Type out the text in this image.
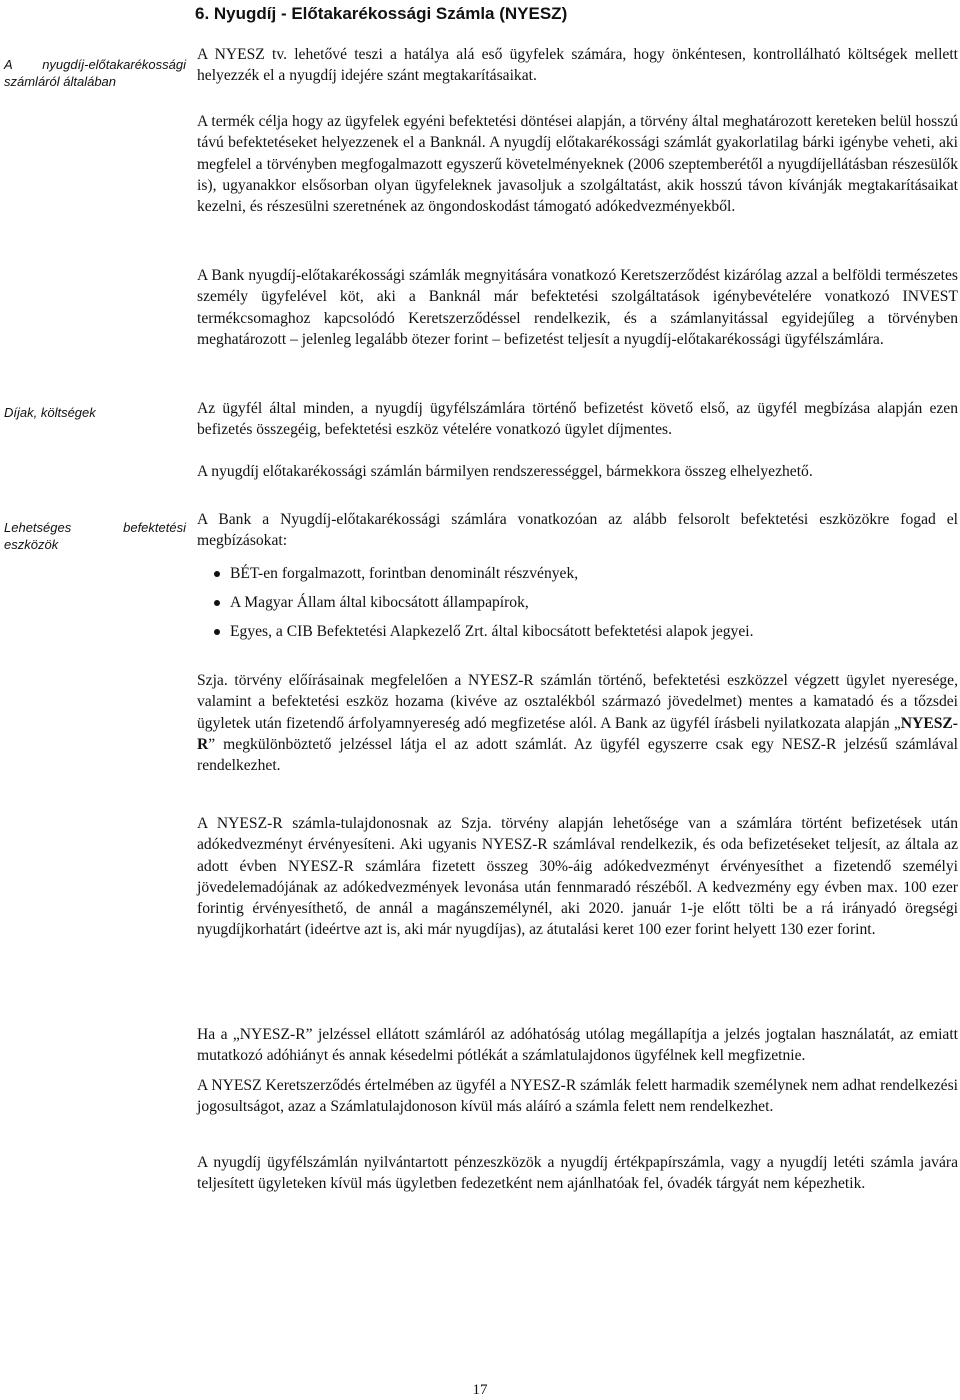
6. Nyugdíj - Előtakarékossági Számla (NYESZ)
A nyugdíj-előtakarékossági
számláról általában
Díjak, költségek
Lehetséges befektetési
eszközök

A NYESZ tv. lehetővé teszi a hatálya alá eső ügyfelek számára, hogy önkéntesen, kontrollálható költségek mellett helyezzék el a nyugdíj idejére szánt megtakarításaikat.

A termék célja hogy az ügyfelek egyéni befektetési döntései alapján, a törvény által meghatározott kereteken belül hosszú távú befektetéseket helyezzenek el a Banknál. A nyugdíj előtakarékossági számlát gyakorlatilag bárki igénybe veheti, aki megfelel a törvényben megfogalmazott egyszerű követelményeknek (2006 szeptemberétől a nyugdíjellátásban részesülők is), ugyanakkor elsősorban olyan ügyfeleknek javasoljuk a szolgáltatást, akik hosszú távon kívánják megtakarításaikat kezelni, és részesülni szeretnének az öngondoskodást támogató adókedvezményekből.

A Bank nyugdíj-előtakarékossági számlák megnyitására vonatkozó Keretszerződést kizárólag azzal a belföldi természetes személy ügyfelével köt, aki a Banknál már befektetési szolgáltatások igénybevételére vonatkozó INVEST termékcsomaghoz kapcsolódó Keretszerződéssel rendelkezik, és a számlanyitással egyidejűleg a törvényben meghatározott – jelenleg legalább ötezer forint – befizetést teljesít a nyugdíj-előtakarékossági ügyfélszámlára.

Az ügyfél által minden, a nyugdíj ügyfélszámlára történő befizetést követő első, az ügyfél megbízása alapján ezen befizetés összegéig, befektetési eszköz vételére vonatkozó ügylet díjmentes.

A nyugdíj előtakarékossági számlán bármilyen rendszerességgel, bármekkora összeg elhelyezhető.

A Bank a Nyugdíj-előtakarékossági számlára vonatkozóan az alább felsorolt befektetési eszközökre fogad el megbízásokat:

BÉT-en forgalmazott, forintban denominált részvények,
A Magyar Állam által kibocsátott állampapírok,
Egyes, a CIB Befektetési Alapkezelő Zrt. által kibocsátott befektetési alapok jegyei.

Szja. törvény előírásainak megfelelően a NYESZ-R számlán történő, befektetési eszközzel végzett ügylet nyeresége, valamint a befektetési eszköz hozama (kivéve az osztalékból származó jövedelmet) mentes a kamatadó és a tőzsdei ügyletek után fizetendő árfolyamnyereség adó megfizetése alól. A Bank az ügyfél írásbeli nyilatkozata alapján „NYESZ-R” megkülönböztető jelzéssel látja el az adott számlát. Az ügyfél egyszerre csak egy NESZ-R jelzésű számlával rendelkezhet.

A NYESZ-R számla-tulajdonosnak az Szja. törvény alapján lehetősége van a számlára történt befizetések után adókedvezményt érvényesíteni. Aki ugyanis NYESZ-R számlával rendelkezik, és oda befizetéseket teljesít, az általa az adott évben NYESZ-R számlára fizetett összeg 30%-áig adókedvezményt érvényesíthet a fizetendő személyi jövedelemadójának az adókedvezmények levonása után fennmaradó részéből. A kedvezmény egy évben max. 100 ezer forintig érvényesíthető, de annál a magánszemélynél, aki 2020. január 1-je előtt tölti be a rá irányadó öregségi nyugdíjkorhatárt (ideértve azt is, aki már nyugdíjas), az átutalási keret 100 ezer forint helyett 130 ezer forint.

Ha a „NYESZ-R” jelzéssel ellátott számláról az adóhatóság utólag megállapítja a jelzés jogtalan használatát, az emiatt mutatkozó adóhiányt és annak késedelmi pótlékát a számlatulajdonos ügyfélnek kell megfizetnie.

A NYESZ Keretszerződés értelmében az ügyfél a NYESZ-R számlák felett harmadik személynek nem adhat rendelkezési jogosultságot, azaz a Számlatulajdonoson kívül más aláíró a számla felett nem rendelkezhet.

A nyugdíj ügyfélszámlán nyilvántartott pénzeszközök a nyugdíj értékpapírszámla, vagy a nyugdíj letéti számla javára teljesített ügyleteken kívül más ügyletben fedezetként nem ajánlhatóak fel, óvadék tárgyát nem képezhetik.

17
